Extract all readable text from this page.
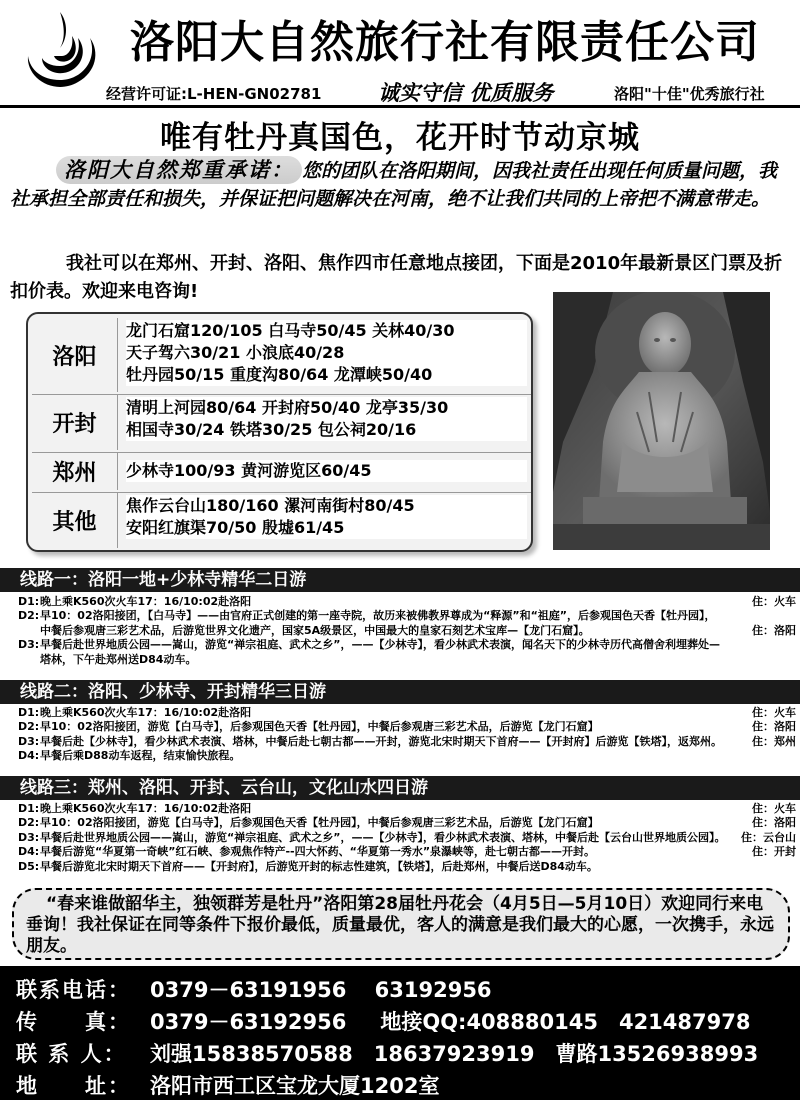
洛阳大自然旅行社有限责任公司
经营许可证:L-HEN-GN02781	诚实守信 优质服务	洛阳"十佳"优秀旅行社
唯有牡丹真国色，花开时节动京城
洛阳大自然郑重承诺： 您的团队在洛阳期间，因我社责任出现任何质量问题，我社承担全部责任和损失，并保证把问题解决在河南，绝不让我们共同的上帝把不满意带走。
我社可以在郑州、开封、洛阳、焦作四市任意地点接团，下面是2010年最新景区门票及折扣价表。欢迎来电咨询!
洛阳
龙门石窟120/105 白马寺50/45 关林40/30
天子驾六30/21 小浪底40/28
牡丹园50/15 重度沟80/64 龙潭峡50/40
开封
清明上河园80/64 开封府50/40 龙亭35/30
相国寺30/24 铁塔30/25 包公祠20/16
郑州	少林寺100/93 黄河游览区60/45
其他
焦作云台山180/160 漯河南街村80/45
安阳红旗渠70/50 殷墟61/45
线路一：洛阳一地+少林寺精华二日游
D1: 晚上乘K560次火车17：16/10:02赴洛阳	住：火车
D2: 早10：02洛阳接团，【白马寺】——由官府正式创建的第一座寺院，故历来被佛教界尊成为“释源”和“祖庭”，后参观国色天香【牡丹园】，中餐后参观唐三彩艺术品，后游览世界文化遗产，国家5A级景区，中国最大的皇家石刻艺术宝库—【龙门石窟】。	住：洛阳
D3: 早餐后赴世界地质公园——嵩山，游览“禅宗祖庭、武术之乡”，——【少林寺】，看少林武术表演，闻名天下的少林寺历代高僧舍利埋葬处—塔林，下午赴郑州送D84动车。
线路二：洛阳、少林寺、开封精华三日游
D1: 晚上乘K560次火车17：16/10:02赴洛阳	住：火车
D2: 早10：02洛阳接团，游览【白马寺】，后参观国色天香【牡丹园】，中餐后参观唐三彩艺术品，后游览【龙门石窟】	住：洛阳
D3: 早餐后赴【少林寺】，看少林武术表演、塔林，中餐后赴七朝古都——开封，游览北宋时期天下首府——【开封府】后游览【铁塔】，返郑州。	住：郑州
D4: 早餐后乘D88动车返程，结束愉快旅程。
线路三：郑州、洛阳、开封、云台山，文化山水四日游
D1: 晚上乘K560次火车17：16/10:02赴洛阳	住：火车
D2: 早10：02洛阳接团，游览【白马寺】，后参观国色天香【牡丹园】，中餐后参观唐三彩艺术品，后游览【龙门石窟】	住：洛阳
D3: 早餐后赴世界地质公园——嵩山，游览“禅宗祖庭、武术之乡”，——【少林寺】，看少林武术表演、塔林，中餐后赴【云台山世界地质公园】。 住：云台山
D4: 早餐后游览“华夏第一奇峡”红石峡、参观焦作特产--四大怀药、“华夏第一秀水”泉瀑峡等，赴七朝古都——开封。	住：开封
D5: 早餐后游览北宋时期天下首府——【开封府】，后游览开封的标志性建筑，【铁塔】，后赴郑州，中餐后送D84动车。

“春来谁做韶华主，独领群芳是牡丹”洛阳第28届牡丹花会（4月5日—5月10日）欢迎同行来电垂询！我社保证在同等条件下报价最低，质量最优，客人的满意是我们最大的心愿，一次携手，永远朋友。

联系电话： 0379－63191956　 63192956
传　　真： 0379－63192956 地接QQ:408880145　421487978
联 系 人： 刘强15838570588　18637923919　曹路13526938993
地　　址： 洛阳市西工区宝龙大厦1202室
